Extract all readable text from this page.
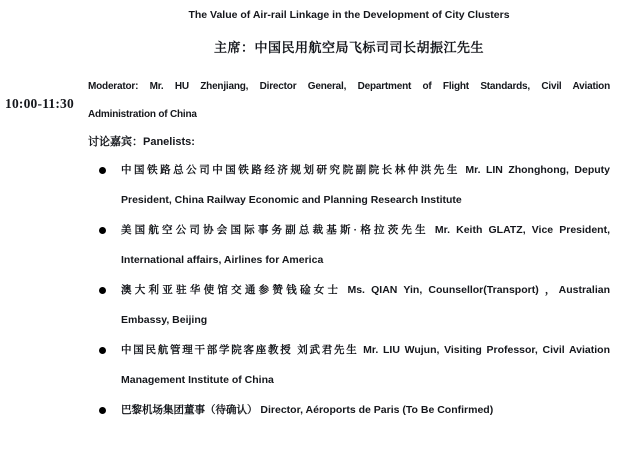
10:00-11:30
The Value of Air-rail Linkage in the Development of City Clusters
主席：中国民用航空局飞标司司长胡振江先生
Moderator: Mr. HU Zhenjiang, Director General, Department of Flight Standards, Civil Aviation
Administration of China
讨论嘉宾：Panelists:
中国铁路总公司中国铁路经济规划研究院副院长林仲洪先生 Mr. LIN Zhonghong, Deputy
President, China Railway Economic and Planning Research Institute
美国航空公司协会国际事务副总裁基斯·格拉茨先生 Mr. Keith GLATZ, Vice President,
International affairs, Airlines for America
澳大利亚驻华使馆交通参赞钱碒女士 Ms. QIAN Yin, Counsellor(Transport) ，Australian
Embassy, Beijing
中国民航管理干部学院客座教授 刘武君先生 Mr. LIU Wujun, Visiting Professor, Civil Aviation
Management Institute of China
巴黎机场集团董事（待确认） Director, Aéroports de Paris (To Be Confirmed)
